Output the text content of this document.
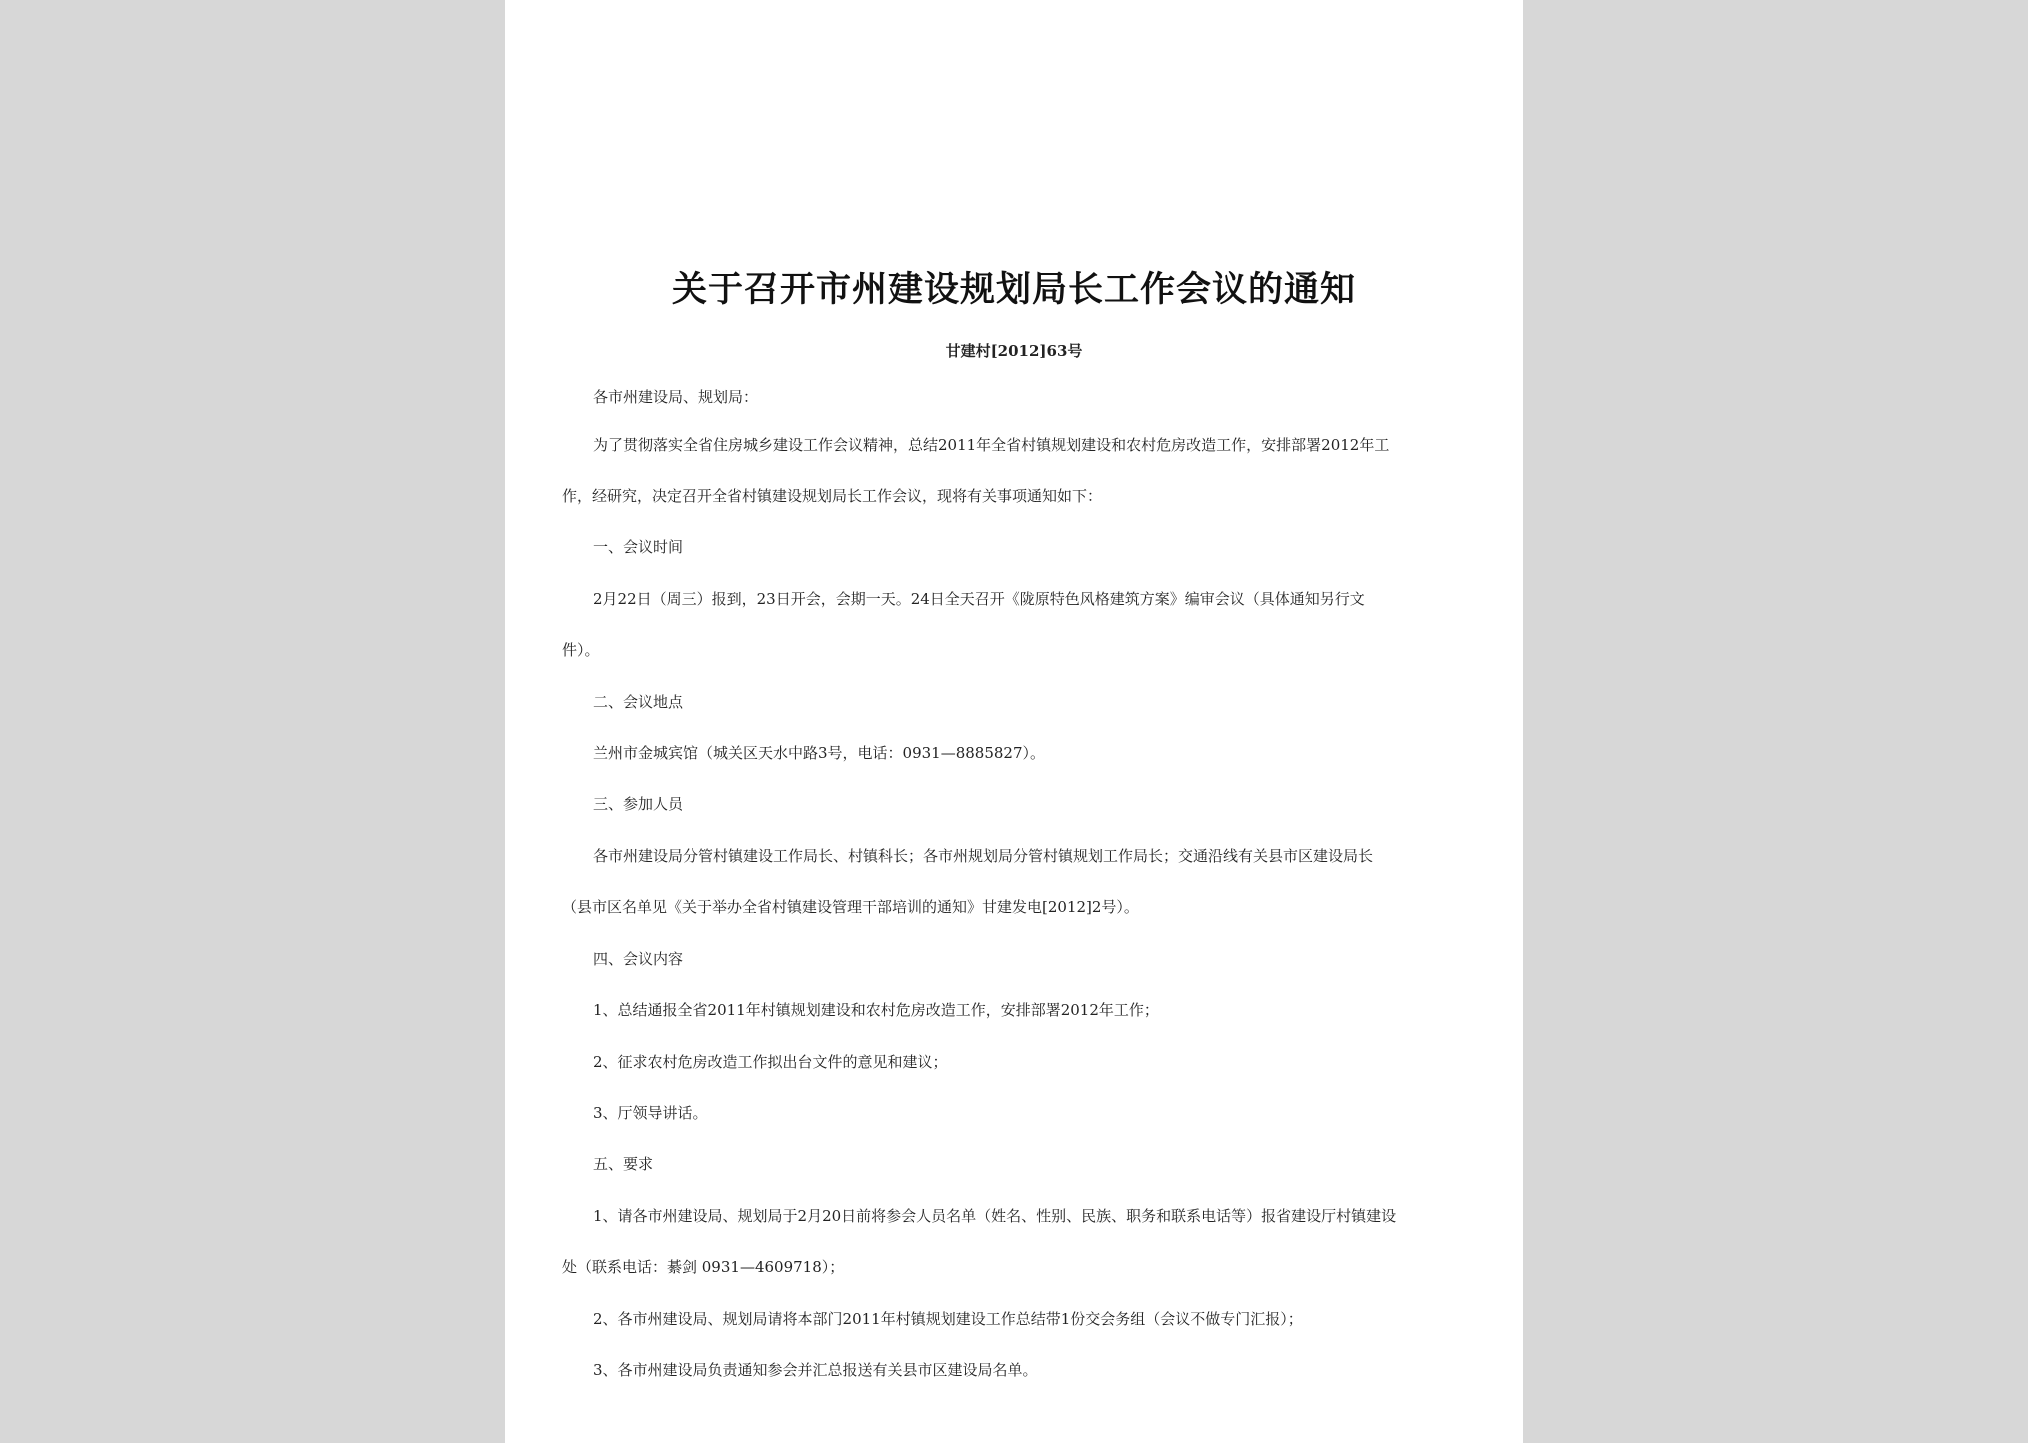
关于召开市州建设规划局长工作会议的通知
甘建村[2012]63号
各市州建设局、规划局：
为了贯彻落实全省住房城乡建设工作会议精神，总结2011年全省村镇规划建设和农村危房改造工作，安排部署2012年工
作，经研究，决定召开全省村镇建设规划局长工作会议，现将有关事项通知如下：
一、会议时间
2月22日（周三）报到，23日开会，会期一天。24日全天召开《陇原特色风格建筑方案》编审会议（具体通知另行文
件）。
二、会议地点
兰州市金城宾馆（城关区天水中路3号，电话：0931—8885827）。
三、参加人员
各市州建设局分管村镇建设工作局长、村镇科长；各市州规划局分管村镇规划工作局长；交通沿线有关县市区建设局长
（县市区名单见《关于举办全省村镇建设管理干部培训的通知》甘建发电[2012]2号）。
四、会议内容
1、总结通报全省2011年村镇规划建设和农村危房改造工作，安排部署2012年工作；
2、征求农村危房改造工作拟出台文件的意见和建议；
3、厅领导讲话。
五、要求
1、请各市州建设局、规划局于2月20日前将参会人员名单（姓名、性别、民族、职务和联系电话等）报省建设厅村镇建设
处（联系电话：綦剑 0931—4609718）；
2、各市州建设局、规划局请将本部门2011年村镇规划建设工作总结带1份交会务组（会议不做专门汇报）；
3、各市州建设局负责通知参会并汇总报送有关县市区建设局名单。
